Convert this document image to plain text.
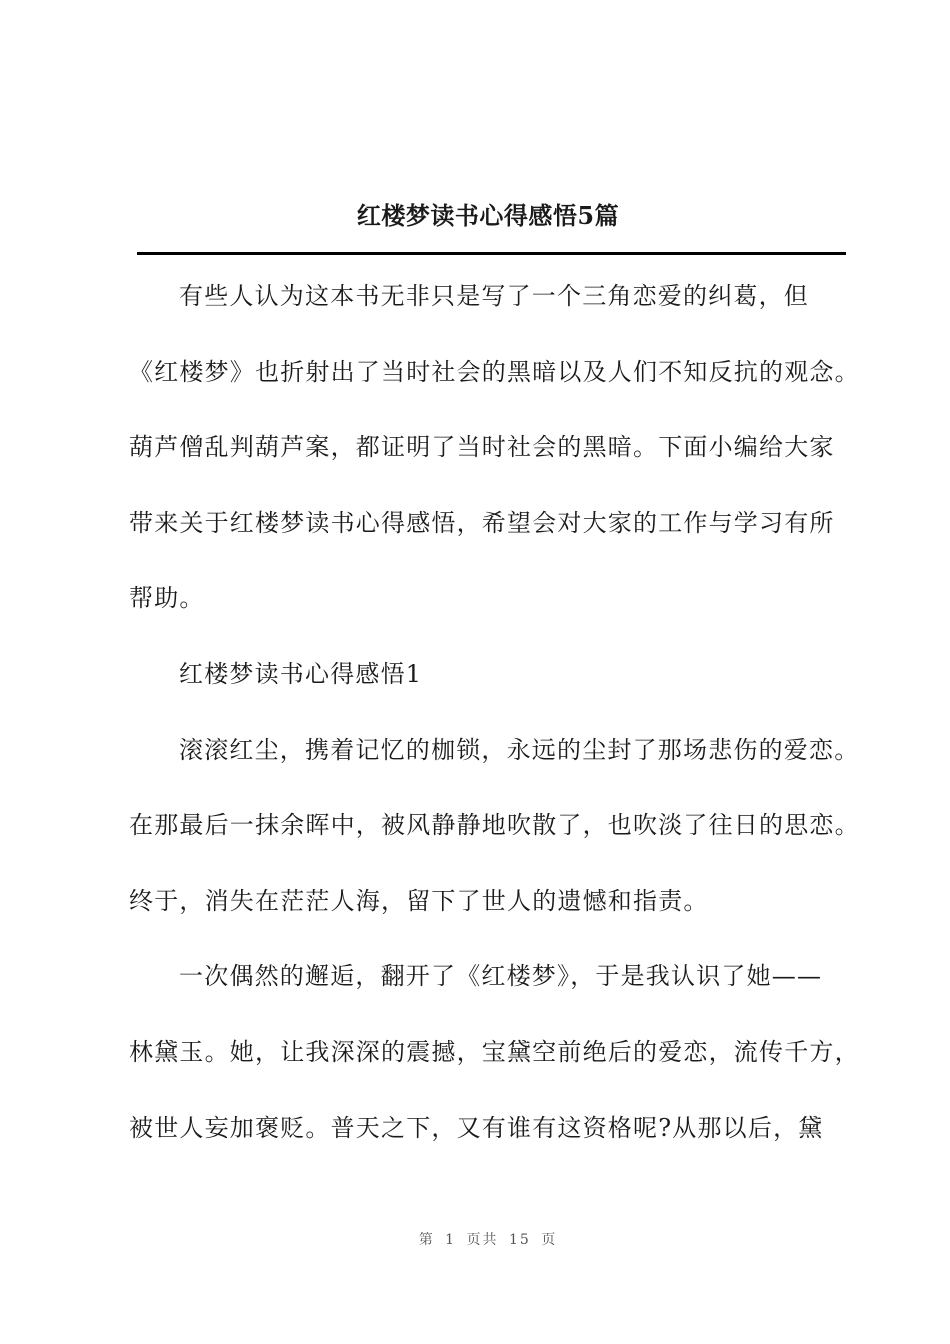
红楼梦读书心得感悟5篇
有些人认为这本书无非只是写了一个三角恋爱的纠葛，但
《红楼梦》也折射出了当时社会的黑暗以及人们不知反抗的观念。
葫芦僧乱判葫芦案，都证明了当时社会的黑暗。下面小编给大家
带来关于红楼梦读书心得感悟，希望会对大家的工作与学习有所
帮助。
红楼梦读书心得感悟1
滚滚红尘，携着记忆的枷锁，永远的尘封了那场悲伤的爱恋。
在那最后一抹余晖中，被风静静地吹散了，也吹淡了往日的思恋。
终于，消失在茫茫人海，留下了世人的遗憾和指责。
一次偶然的邂逅，翻开了《红楼梦》，于是我认识了她——
林黛玉。她，让我深深的震撼，宝黛空前绝后的爱恋，流传千方，
被世人妄加褒贬。普天之下，又有谁有这资格呢?从那以后，黛
第 1 页共 15 页
